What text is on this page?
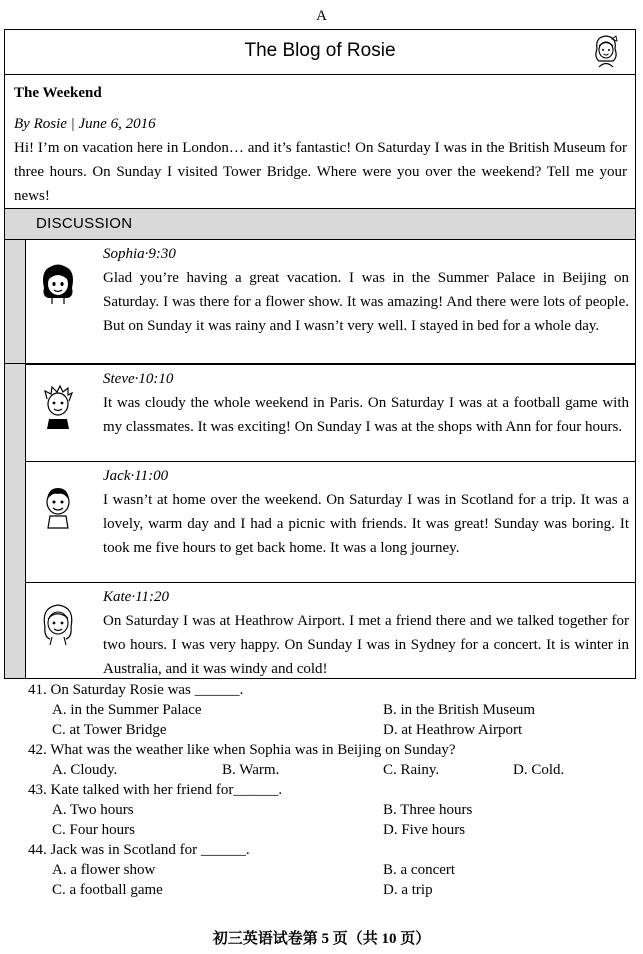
A
The Blog of Rosie
The Weekend
By Rosie | June 6, 2016
Hi! I’m on vacation here in London… and it’s fantastic! On Saturday I was in the British Museum for three hours. On Sunday I visited Tower Bridge. Where were you over the weekend? Tell me your news!
DISCUSSION
Sophia·9:30
Glad you’re having a great vacation. I was in the Summer Palace in Beijing on Saturday. I was there for a flower show. It was amazing! And there were lots of people. But on Sunday it was rainy and I wasn’t very well. I stayed in bed for a whole day.
Steve·10:10
It was cloudy the whole weekend in Paris. On Saturday I was at a football game with my classmates. It was exciting! On Sunday I was at the shops with Ann for four hours.
Jack·11:00
I wasn’t at home over the weekend. On Saturday I was in Scotland for a trip. It was a lovely, warm day and I had a picnic with friends. It was great! Sunday was boring. It took me five hours to get back home. It was a long journey.
Kate·11:20
On Saturday I was at Heathrow Airport. I met a friend there and we talked together for two hours. I was very happy. On Sunday I was in Sydney for a concert. It is winter in Australia, and it was windy and cold!
41. On Saturday Rosie was ______.
A. in the Summer Palace	B. in the British Museum
C. at Tower Bridge	D. at Heathrow Airport
42. What was the weather like when Sophia was in Beijing on Sunday?
A. Cloudy.	B. Warm.	C. Rainy.	D. Cold.
43. Kate talked with her friend for______.
A. Two hours	B. Three hours
C. Four hours	D. Five hours
44. Jack was in Scotland for ______.
A. a flower show	B. a concert
C. a football game	D. a trip
初三英语试卷第 5 页（共 10 页）
